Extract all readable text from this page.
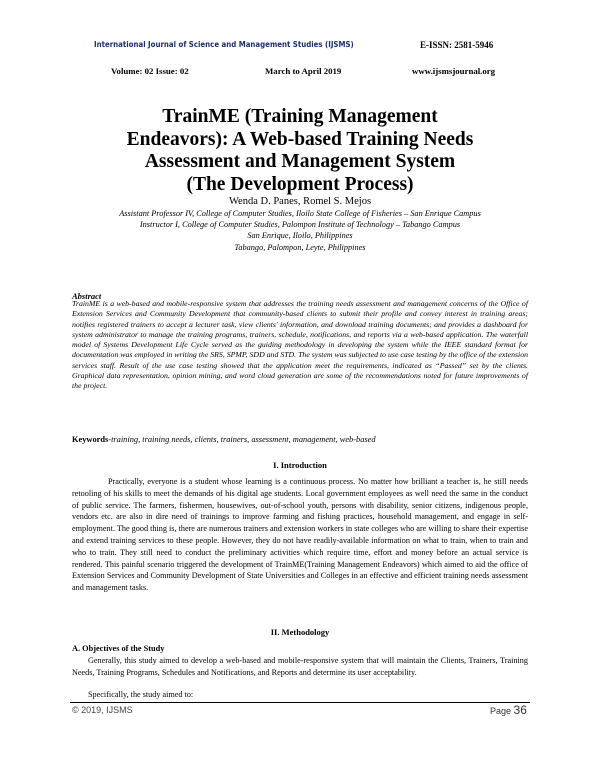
International Journal of Science and Management Studies (IJSMS)	E-ISSN: 2581-5946
Volume: 02 Issue: 02	March to April 2019	www.ijsmsjournal.org
TrainME (Training Management
Endeavors): A Web-based Training Needs
Assessment and Management System
(The Development Process)
Wenda D. Panes, Romel S. Mejos
Assistant Professor IV, College of Computer Studies, Iloilo State College of Fisheries – San Enrique Campus
Instructor I, College of Computer Studies, Palompon Institute of Technology – Tabango Campus
San Enrique, Iloilo, Philippines
Tabango, Palompon, Leyte, Philippines
Abstract
TrainME is a web-based and mobile-responsive system that addresses the training needs assessment and management concerns of the Office of Extension Services and Community Development that community-based clients to submit their profile and convey interest in training areas; notifies registered trainers to accept a lecturer task, view clients' information, and download training documents; and provides a dashboard for system administrator to manage the training programs, trainers, schedule, notifications, and reports via a web-based application. The waterfall model of Systems Development Life Cycle served as the guiding methodology in developing the system while the IEEE standard format for documentation was employed in writing the SRS, SPMP, SDD and STD. The system was subjected to use case testing by the office of the extension services staff. Result of the use case testing showed that the application meet the requirements, indicated as “Passed” set by the clients. Graphical data representation, opinion mining, and word cloud generation are some of the recommendations noted for future improvements of the project.
Keywords-training, training needs, clients, trainers, assessment, management, web-based
I. Introduction
Practically, everyone is a student whose learning is a continuous process. No matter how brilliant a teacher is, he still needs retooling of his skills to meet the demands of his digital age students. Local government employees as well need the same in the conduct of public service. The farmers, fishermen, housewives, out-of-school youth, persons with disability, senior citizens, indigenous people, vendors etc. are also in dire need of trainings to improve farming and fishing practices, household management, and engage in self-employment. The good thing is, there are numerous trainers and extension workers in state colleges who are willing to share their expertise and extend training services to these people. However, they do not have readily-available information on what to train, when to train and who to train. They still need to conduct the preliminary activities which require time, effort and money before an actual service is rendered. This painful scenario triggered the development of TrainME(Training Management Endeavors) which aimed to aid the office of Extension Services and Community Development of State Universities and Colleges in an effective and efficient training needs assessment and management tasks.
II. Methodology
A. Objectives of the Study
Generally, this study aimed to develop a web-based and mobile-responsive system that will maintain the Clients, Trainers, Training Needs, Training Programs, Schedules and Notifications, and Reports and determine its user acceptability.
Specifically, the study aimed to:
© 2019, IJSMS	Page 36
